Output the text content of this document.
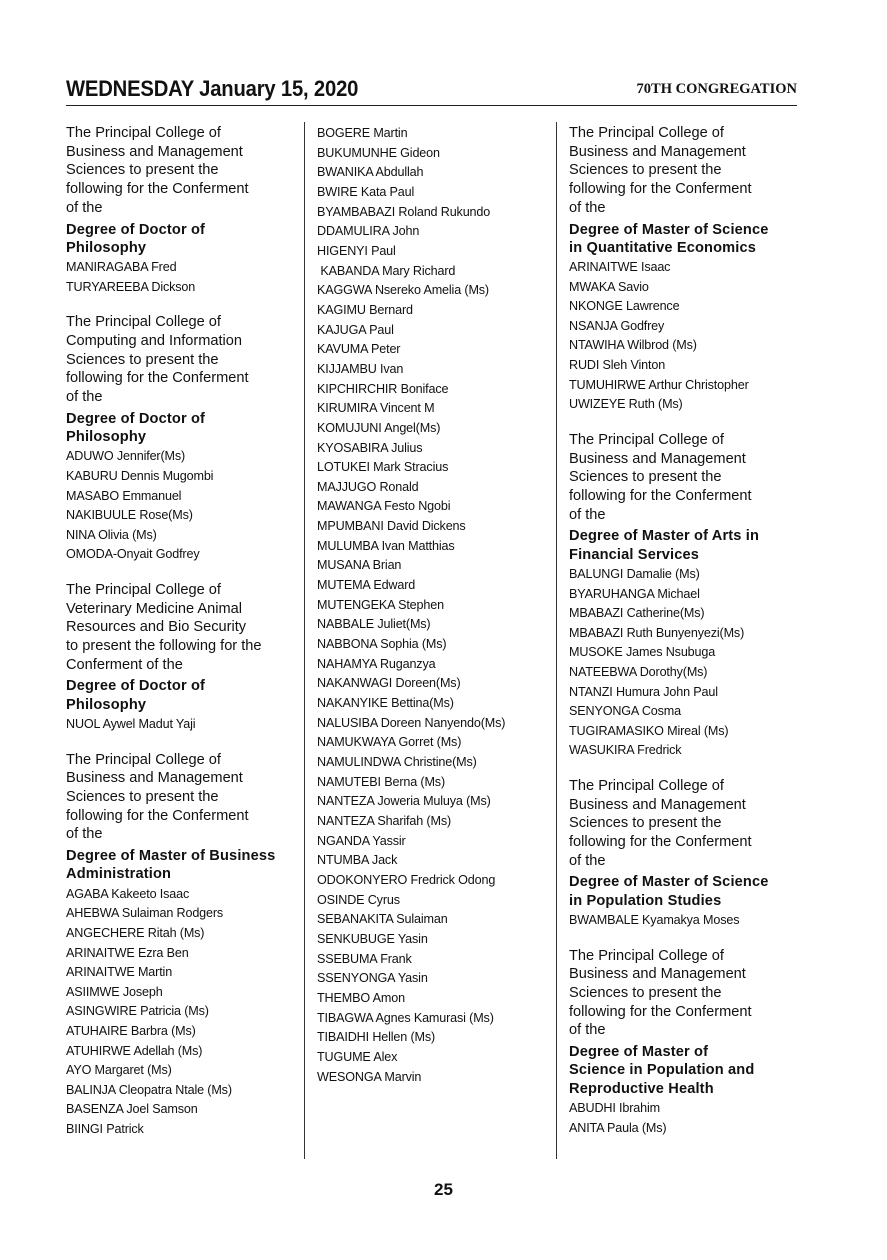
WEDNESDAY January 15, 2020	70TH CONGREGATION

The Principal College of
Business and Management
Sciences to present the
following for the Conferment
of the

Degree of Doctor of
Philosophy
MANIRAGABA Fred
TURYAREEBA Dickson

The Principal College of
Computing and Information
Sciences to present the
following for the Conferment
of the

Degree of Doctor of
Philosophy
ADUWO Jennifer(Ms)
KABURU Dennis Mugombi
MASABO Emmanuel
NAKIBUULE Rose(Ms)
NINA Olivia (Ms)
OMODA-Onyait Godfrey

The Principal College of
Veterinary Medicine Animal
Resources and Bio Security
to present the following for the
Conferment of the

Degree of Doctor of
Philosophy
NUOL Aywel Madut Yaji

The Principal College of
Business and Management
Sciences to present the
following for the Conferment
of the

Degree of Master of Business
Administration
AGABA Kakeeto Isaac
AHEBWA Sulaiman Rodgers
ANGECHERE Ritah (Ms)
ARINAITWE Ezra Ben
ARINAITWE Martin
ASIIMWE Joseph
ASINGWIRE Patricia (Ms)
ATUHAIRE Barbra (Ms)
ATUHIRWE Adellah (Ms)
AYO Margaret (Ms)
BALINJA Cleopatra Ntale (Ms)
BASENZA Joel Samson
BIINGI Patrick
BOGERE Martin
BUKUMUNHE Gideon
BWANIKA Abdullah
BWIRE Kata Paul
BYAMBABAZI Roland Rukundo
DDAMULIRA John
HIGENYI Paul
KABANDA Mary Richard
KAGGWA Nsereko Amelia (Ms)
KAGIMU Bernard
KAJUGA Paul
KAVUMA Peter
KIJJAMBU Ivan
KIPCHIRCHIR Boniface
KIRUMIRA Vincent M
KOMUJUNI Angel(Ms)
KYOSABIRA Julius
LOTUKEI Mark Stracius
MAJJUGO Ronald
MAWANGA Festo Ngobi
MPUMBANI David Dickens
MULUMBA Ivan Matthias
MUSANA Brian
MUTEMA Edward
MUTENGEKA Stephen
NABBALE Juliet(Ms)
NABBONA Sophia (Ms)
NAHAMYA Ruganzya
NAKANWAGI Doreen(Ms)
NAKANYIKE Bettina(Ms)
NALUSIBA Doreen Nanyendo(Ms)
NAMUKWAYA Gorret (Ms)
NAMULINDWA Christine(Ms)
NAMUTEBI Berna (Ms)
NANTEZA Joweria Muluya (Ms)
NANTEZA Sharifah (Ms)
NGANDA Yassir
NTUMBA Jack
ODOKONYERO Fredrick Odong
OSINDE Cyrus
SEBANAKITA Sulaiman
SENKUBUGE Yasin
SSEBUMA Frank
SSENYONGA Yasin
THEMBO Amon
TIBAGWA Agnes Kamurasi (Ms)
TIBAIDHI Hellen (Ms)
TUGUME Alex
WESONGA Marvin

The Principal College of
Business and Management
Sciences to present the
following for the Conferment
of the

Degree of Master of Science
in Quantitative Economics
ARINAITWE Isaac
MWAKA Savio
NKONGE Lawrence
NSANJA Godfrey
NTAWIHA Wilbrod (Ms)
RUDI Sleh Vinton
TUMUHIRWE Arthur Christopher
UWIZEYE Ruth (Ms)

The Principal College of
Business and Management
Sciences to present the
following for the Conferment
of the

Degree of Master of Arts in
Financial Services
BALUNGI Damalie (Ms)
BYARUHANGA Michael
MBABAZI Catherine(Ms)
MBABAZI Ruth Bunyenyezi(Ms)
MUSOKE James Nsubuga
NATEEBWA Dorothy(Ms)
NTANZI Humura John Paul
SENYONGA Cosma
TUGIRAMASIKO Mireal (Ms)
WASUKIRA Fredrick

The Principal College of
Business and Management
Sciences to present the
following for the Conferment
of the

Degree of Master of Science
in Population Studies
BWAMBALE Kyamakya Moses

The Principal College of
Business and Management
Sciences to present the
following for the Conferment
of the

Degree of Master of
Science in Population and
Reproductive Health
ABUDHI Ibrahim
ANITA Paula (Ms)
25
